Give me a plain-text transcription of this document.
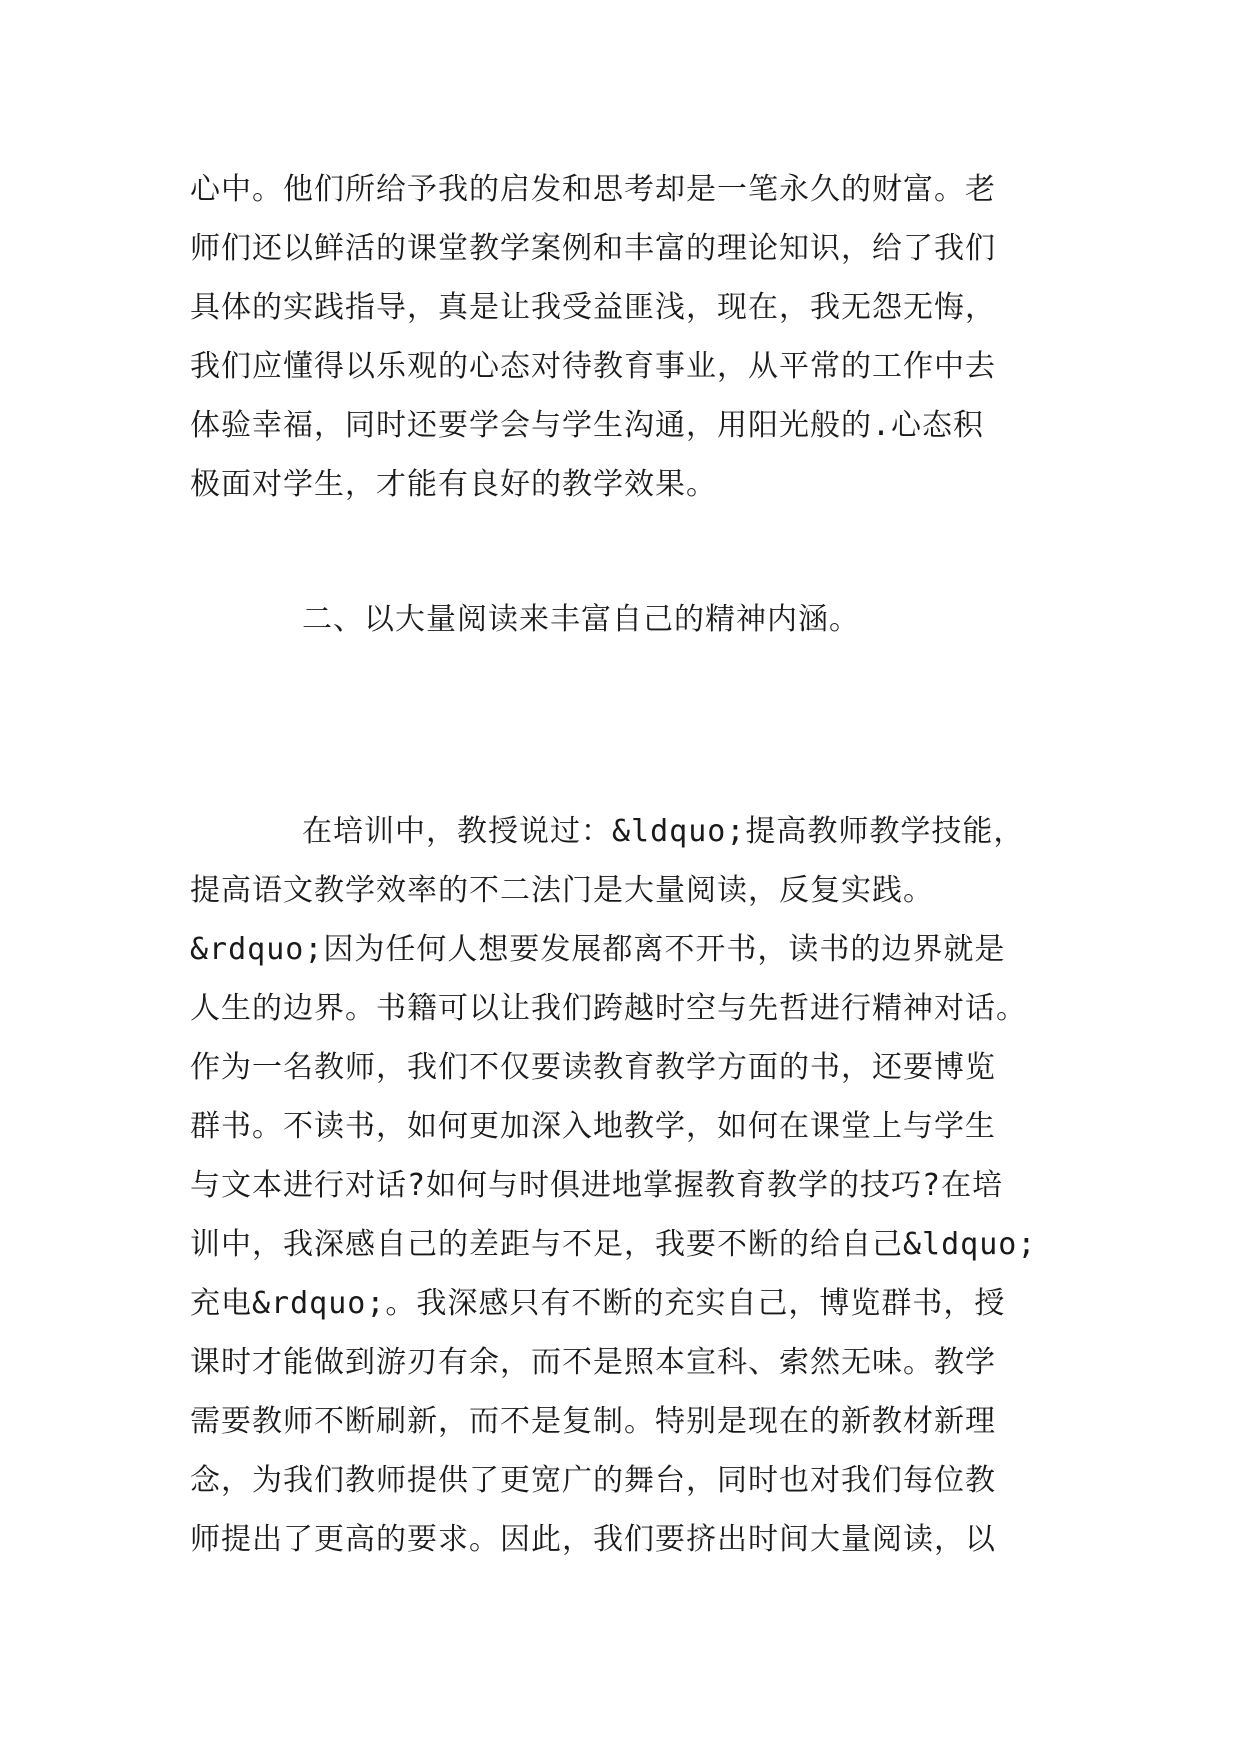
心中。他们所给予我的启发和思考却是一笔永久的财富。老
师们还以鲜活的课堂教学案例和丰富的理论知识，给了我们
具体的实践指导，真是让我受益匪浅，现在，我无怨无悔，
我们应懂得以乐观的心态对待教育事业，从平常的工作中去
体验幸福，同时还要学会与学生沟通，用阳光般的.心态积
极面对学生，才能有良好的教学效果。
二、以大量阅读来丰富自己的精神内涵。
在培训中，教授说过：&ldquo;提高教师教学技能，
提高语文教学效率的不二法门是大量阅读，反复实践。
&rdquo;因为任何人想要发展都离不开书，读书的边界就是
人生的边界。书籍可以让我们跨越时空与先哲进行精神对话。
作为一名教师，我们不仅要读教育教学方面的书，还要博览
群书。不读书，如何更加深入地教学，如何在课堂上与学生
与文本进行对话?如何与时俱进地掌握教育教学的技巧?在培
训中，我深感自己的差距与不足，我要不断的给自己&ldquo;
充电&rdquo;。我深感只有不断的充实自己，博览群书，授
课时才能做到游刃有余，而不是照本宣科、索然无味。教学
需要教师不断刷新，而不是复制。特别是现在的新教材新理
念，为我们教师提供了更宽广的舞台，同时也对我们每位教
师提出了更高的要求。因此，我们要挤出时间大量阅读，以
